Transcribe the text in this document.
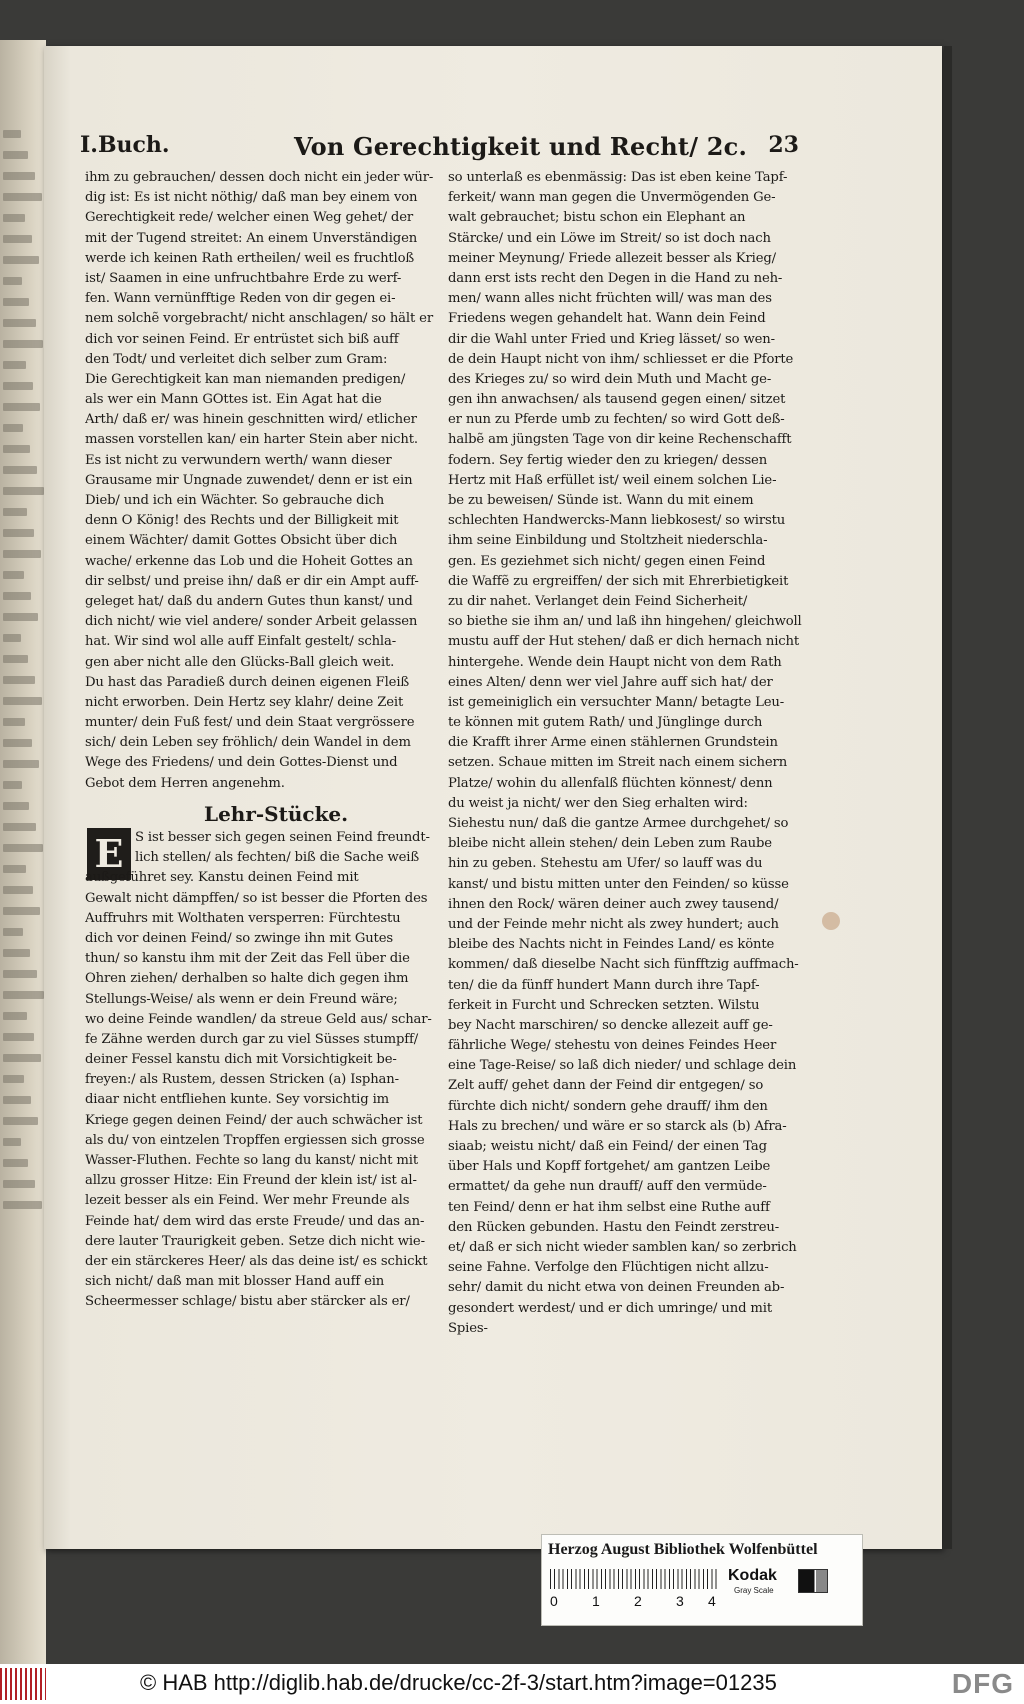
I.Buch.	Von Gerechtigkeit und Recht/ 2c. 23
ihm zu gebrauchen/ dessen doch nicht ein jeder wür-
dig ist: Es ist nicht nöthig/ daß man bey einem von
Gerechtigkeit rede/ welcher einen Weg gehet/ der
mit der Tugend streitet: An einem Unverständigen
werde ich keinen Rath ertheilen/ weil es fruchtloß
ist/ Saamen in eine unfruchtbahre Erde zu werf-
fen. Wann vernünfftige Reden von dir gegen ei-
nem solchẽ vorgebracht/ nicht anschlagen/ so hält er
dich vor seinen Feind. Er entrüstet sich biß auff
den Todt/ und verleitet dich selber zum Gram:
Die Gerechtigkeit kan man niemanden predigen/
als wer ein Mann GOttes ist. Ein Agat hat die
Arth/ daß er/ was hinein geschnitten wird/ etlicher
massen vorstellen kan/ ein harter Stein aber nicht.
Es ist nicht zu verwundern werth/ wann dieser
Grausame mir Ungnade zuwendet/ denn er ist ein
Dieb/ und ich ein Wächter. So gebrauche dich
denn O König! des Rechts und der Billigkeit mit
einem Wächter/ damit Gottes Obsicht über dich
wache/ erkenne das Lob und die Hoheit Gottes an
dir selbst/ und preise ihn/ daß er dir ein Ampt auff-
geleget hat/ daß du andern Gutes thun kanst/ und
dich nicht/ wie viel andere/ sonder Arbeit gelassen
hat. Wir sind wol alle auff Einfalt gestelt/ schla-
gen aber nicht alle den Glücks-Ball gleich weit.
Du hast das Paradieß durch deinen eigenen Fleiß
nicht erworben. Dein Hertz sey klahr/ deine Zeit
munter/ dein Fuß fest/ und dein Staat vergrössere
sich/ dein Leben sey fröhlich/ dein Wandel in dem
Wege des Friedens/ und dein Gottes-Dienst und
Gebot dem Herren angenehm.
Lehr-Stücke.
E S ist besser sich gegen seinen Feind freundt-
lich stellen/ als fechten/ biß die Sache weiß
außgeführet sey. Kanstu deinen Feind mit
Gewalt nicht dämpffen/ so ist besser die Pforten des
Auffruhrs mit Wolthaten versperren: Fürchtestu
dich vor deinen Feind/ so zwinge ihn mit Gutes
thun/ so kanstu ihm mit der Zeit das Fell über die
Ohren ziehen/ derhalben so halte dich gegen ihm
Stellungs-Weise/ als wenn er dein Freund wäre;
wo deine Feinde wandlen/ da streue Geld aus/ schar-
fe Zähne werden durch gar zu viel Süsses stumpff/
deiner Fessel kanstu dich mit Vorsichtigkeit be-
freyen:/ als Rustem, dessen Stricken (a) Isphan-
diaar nicht entfliehen kunte. Sey vorsichtig im
Kriege gegen deinen Feind/ der auch schwächer ist
als du/ von eintzelen Tropffen ergiessen sich grosse
Wasser-Fluthen. Fechte so lang du kanst/ nicht mit
allzu grosser Hitze: Ein Freund der klein ist/ ist al-
lezeit besser als ein Feind. Wer mehr Freunde als
Feinde hat/ dem wird das erste Freude/ und das an-
dere lauter Traurigkeit geben. Setze dich nicht wie-
der ein stärckeres Heer/ als das deine ist/ es schickt
sich nicht/ daß man mit blosser Hand auff ein
Scheermesser schlage/ bistu aber stärcker als er/
so unterlaß es ebenmässig: Das ist eben keine Tapf-
ferkeit/ wann man gegen die Unvermögenden Ge-
walt gebrauchet; bistu schon ein Elephant an
Stärcke/ und ein Löwe im Streit/ so ist doch nach
meiner Meynung/ Friede allezeit besser als Krieg/
dann erst ists recht den Degen in die Hand zu neh-
men/ wann alles nicht früchten will/ was man des
Friedens wegen gehandelt hat. Wann dein Feind
dir die Wahl unter Fried und Krieg lässet/ so wen-
de dein Haupt nicht von ihm/ schliesset er die Pforte
des Krieges zu/ so wird dein Muth und Macht ge-
gen ihn anwachsen/ als tausend gegen einen/ sitzet
er nun zu Pferde umb zu fechten/ so wird Gott deß-
halbẽ am jüngsten Tage von dir keine Rechenschafft
fodern. Sey fertig wieder den zu kriegen/ dessen
Hertz mit Haß erfüllet ist/ weil einem solchen Lie-
be zu beweisen/ Sünde ist. Wann du mit einem
schlechten Handwercks-Mann liebkosest/ so wirstu
ihm seine Einbildung und Stoltzheit niederschla-
gen. Es geziehmet sich nicht/ gegen einen Feind
die Waffẽ zu ergreiffen/ der sich mit Ehrerbietigkeit
zu dir nahet. Verlanget dein Feind Sicherheit/
so biethe sie ihm an/ und laß ihn hingehen/ gleichwoll
mustu auff der Hut stehen/ daß er dich hernach nicht
hintergehe. Wende dein Haupt nicht von dem Rath
eines Alten/ denn wer viel Jahre auff sich hat/ der
ist gemeiniglich ein versuchter Mann/ betagte Leu-
te können mit gutem Rath/ und Jünglinge durch
die Krafft ihrer Arme einen stählernen Grundstein
setzen. Schaue mitten im Streit nach einem sichern
Platze/ wohin du allenfalß flüchten könnest/ denn
du weist ja nicht/ wer den Sieg erhalten wird:
Siehestu nun/ daß die gantze Armee durchgehet/ so
bleibe nicht allein stehen/ dein Leben zum Raube
hin zu geben. Stehestu am Ufer/ so lauff was du
kanst/ und bistu mitten unter den Feinden/ so küsse
ihnen den Rock/ wären deiner auch zwey tausend/
und der Feinde mehr nicht als zwey hundert; auch
bleibe des Nachts nicht in Feindes Land/ es könte
kommen/ daß dieselbe Nacht sich fünfftzig auffmach-
ten/ die da fünff hundert Mann durch ihre Tapf-
ferkeit in Furcht und Schrecken setzten. Wilstu
bey Nacht marschiren/ so dencke allezeit auff ge-
fährliche Wege/ stehestu von deines Feindes Heer
eine Tage-Reise/ so laß dich nieder/ und schlage dein
Zelt auff/ gehet dann der Feind dir entgegen/ so
fürchte dich nicht/ sondern gehe drauff/ ihm den
Hals zu brechen/ und wäre er so starck als (b) Afra-
siaab; weistu nicht/ daß ein Feind/ der einen Tag
über Hals und Kopff fortgehet/ am gantzen Leibe
ermattet/ da gehe nun drauff/ auff den vermüde-
ten Feind/ denn er hat ihm selbst eine Ruthe auff
den Rücken gebunden. Hastu den Feindt zerstreu-
et/ daß er sich nicht wieder samblen kan/ so zerbrich
seine Fahne. Verfolge den Flüchtigen nicht allzu-
sehr/ damit du nicht etwa von deinen Freunden ab-
gesondert werdest/ und er dich umringe/ und mit
Spies-
Herzog August Bibliothek Wolfenbüttel
0 1 2 3 4
Kodak
Gray Scale
© HAB http://diglib.hab.de/drucke/cc-2f-3/start.htm?image=01235	DFG
